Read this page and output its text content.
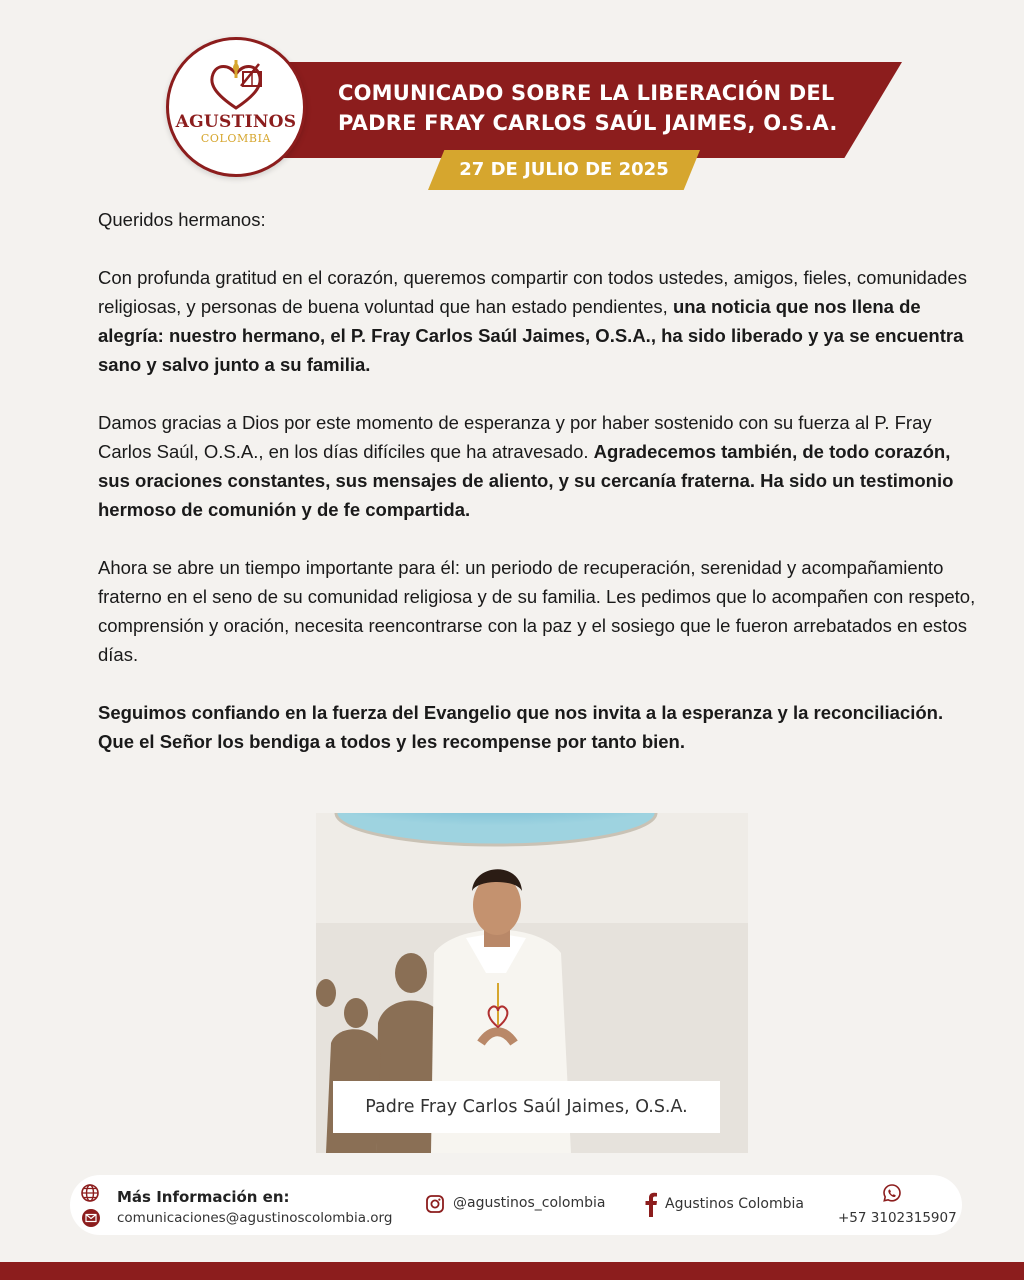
COMUNICADO SOBRE LA LIBERACIÓN DEL
PADRE FRAY CARLOS SAÚL JAIMES, O.S.A.
27 DE JULIO DE 2025
AGUSTINOS
COLOMBIA

Queridos hermanos:

Con profunda gratitud en el corazón, queremos compartir con todos ustedes, amigos, fieles, comunidades religiosas, y personas de buena voluntad que han estado pendientes, una noticia que nos llena de alegría: nuestro hermano, el P. Fray Carlos Saúl Jaimes, O.S.A., ha sido liberado y ya se encuentra sano y salvo junto a su familia.

Damos gracias a Dios por este momento de esperanza y por haber sostenido con su fuerza al P. Fray Carlos Saúl, O.S.A., en los días difíciles que ha atravesado. Agradecemos también, de todo corazón, sus oraciones constantes, sus mensajes de aliento, y su cercanía fraterna. Ha sido un testimonio hermoso de comunión y de fe compartida.

Ahora se abre un tiempo importante para él: un periodo de recuperación, serenidad y acompañamiento fraterno en el seno de su comunidad religiosa y de su familia. Les pedimos que lo acompañen con respeto, comprensión y oración, necesita reencontrarse con la paz y el sosiego que le fueron arrebatados en estos días.

Seguimos confiando en la fuerza del Evangelio que nos invita a la esperanza y la reconciliación. Que el Señor los bendiga a todos y les recompense por tanto bien.

Padre Fray Carlos Saúl Jaimes, O.S.A.
Más Información en:
comunicaciones@agustinoscolombia.org
@agustinos_colombia	Agustinos Colombia
+57 3102315907
